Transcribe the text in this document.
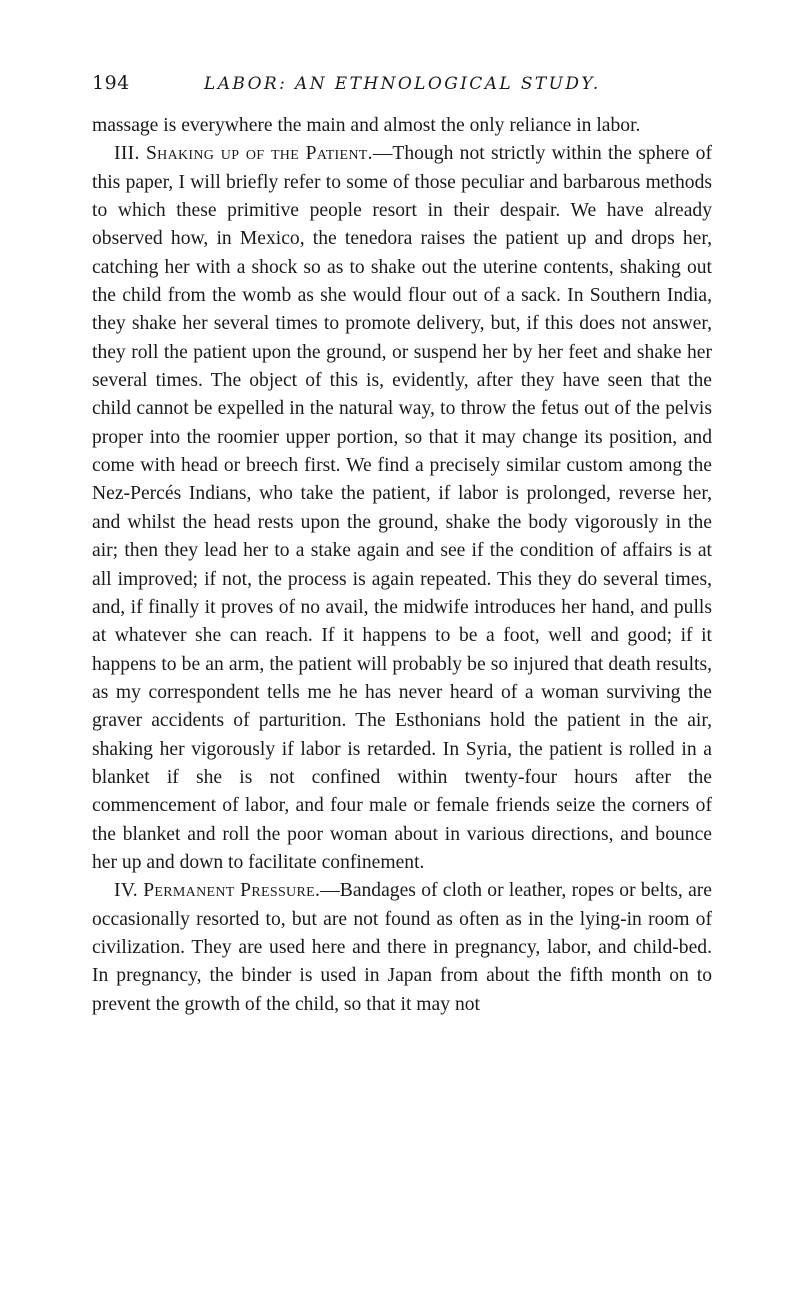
194	LABOR: AN ETHNOLOGICAL STUDY.

massage is everywhere the main and almost the only reliance in labor.

III. Shaking up of the Patient.—Though not strictly within the sphere of this paper, I will briefly refer to some of those peculiar and barbarous methods to which these primitive people resort in their despair. We have already observed how, in Mexico, the tenedora raises the patient up and drops her, catching her with a shock so as to shake out the uterine contents, shaking out the child from the womb as she would flour out of a sack. In Southern India, they shake her several times to promote delivery, but, if this does not answer, they roll the patient upon the ground, or suspend her by her feet and shake her several times. The object of this is, evidently, after they have seen that the child cannot be expelled in the natural way, to throw the fetus out of the pelvis proper into the roomier upper portion, so that it may change its position, and come with head or breech first. We find a precisely similar custom among the Nez-Percés Indians, who take the patient, if labor is prolonged, reverse her, and whilst the head rests upon the ground, shake the body vigorously in the air; then they lead her to a stake again and see if the condition of affairs is at all improved; if not, the process is again repeated. This they do several times, and, if finally it proves of no avail, the midwife introduces her hand, and pulls at whatever she can reach. If it happens to be a foot, well and good; if it happens to be an arm, the patient will probably be so injured that death results, as my correspondent tells me he has never heard of a woman surviving the graver accidents of parturition. The Esthonians hold the patient in the air, shaking her vigorously if labor is retarded. In Syria, the patient is rolled in a blanket if she is not confined within twenty-four hours after the commencement of labor, and four male or female friends seize the corners of the blanket and roll the poor woman about in various directions, and bounce her up and down to facilitate confinement.

IV. Permanent Pressure.—Bandages of cloth or leather, ropes or belts, are occasionally resorted to, but are not found as often as in the lying-in room of civilization. They are used here and there in pregnancy, labor, and child-bed. In pregnancy, the binder is used in Japan from about the fifth month on to prevent the growth of the child, so that it may not
